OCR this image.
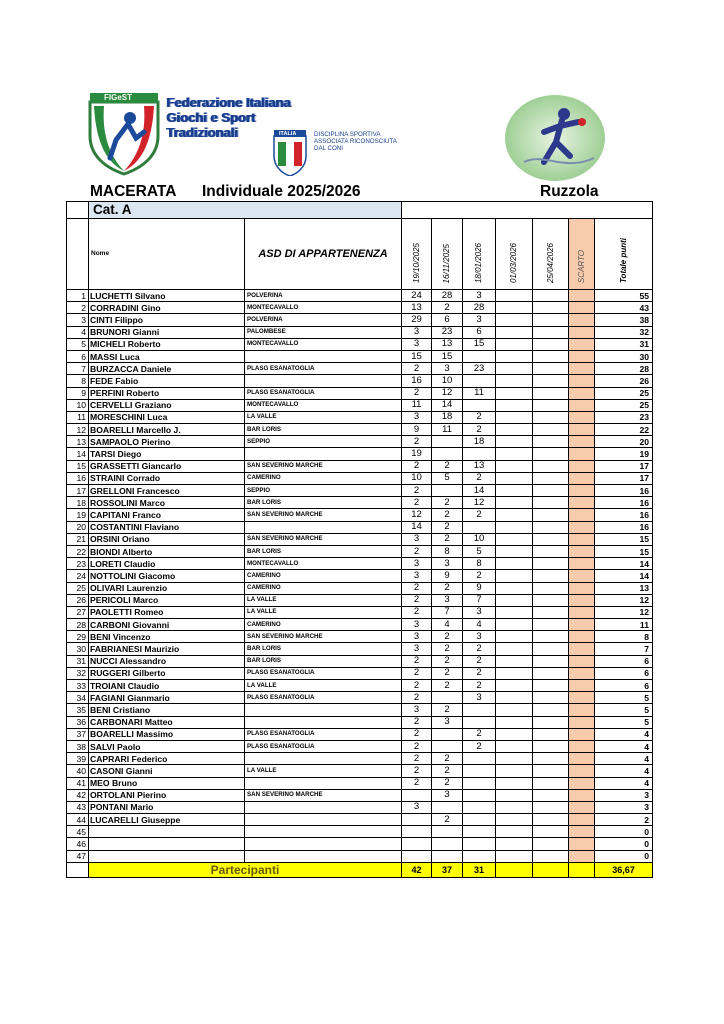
FIGeST	Federazione Italiana
Giochi e Sport
Tradizionali	ITALIA	DISCIPLINA SPORTIVA
ASSOCIATA RICONOSCIUTA
DAL CONI
MACERATA Individuale 2025/2026	Ruzzola
	Cat. A								
	Nome	ASD DI APPARTENENZA	19/10/2025	16/11/2025	18/01/2026	01/03/2026	25/04/2026	SCARTO	Totale punti
1	LUCHETTI Silvano	POLVERINA	24	28	3				55
2	CORRADINI Gino	MONTECAVALLO	13	2	28				43
3	CINTI Filippo	POLVERINA	29	6	3				38
4	BRUNORI Gianni	PALOMBESE	3	23	6				32
5	MICHELI Roberto	MONTECAVALLO	3	13	15				31
6	MASSI Luca		15	15					30
7	BURZACCA Daniele	PLASG ESANATOGLIA	2	3	23				28
8	FEDE Fabio		16	10					26
9	PERFINI Roberto	PLASG ESANATOGLIA	2	12	11				25
10	CERVELLI Graziano	MONTECAVALLO	11	14					25
11	MORESCHINI Luca	LA VALLE	3	18	2				23
12	BOARELLI Marcello J.	BAR LORIS	9	11	2				22
13	SAMPAOLO Pierino	SEPPIO	2		18				20
14	TARSI Diego		19						19
15	GRASSETTI Giancarlo	SAN SEVERINO MARCHE	2	2	13				17
16	STRAINI Corrado	CAMERINO	10	5	2				17
17	GRELLONI Francesco	SEPPIO	2		14				16
18	ROSSOLINI Marco	BAR LORIS	2	2	12				16
19	CAPITANI Franco	SAN SEVERINO MARCHE	12	2	2				16
20	COSTANTINI Flaviano		14	2					16
21	ORSINI Oriano	SAN SEVERINO MARCHE	3	2	10				15
22	BIONDI Alberto	BAR LORIS	2	8	5				15
23	LORETI Claudio	MONTECAVALLO	3	3	8				14
24	NOTTOLINI Giacomo	CAMERINO	3	9	2				14
25	OLIVARI Laurenzio	CAMERINO	2	2	9				13
26	PERICOLI Marco	LA VALLE	2	3	7				12
27	PAOLETTI Romeo	LA VALLE	2	7	3				12
28	CARBONI Giovanni	CAMERINO	3	4	4				11
29	BENI Vincenzo	SAN SEVERINO MARCHE	3	2	3				8
30	FABRIANESI Maurizio	BAR LORIS	3	2	2				7
31	NUCCI Alessandro	BAR LORIS	2	2	2				6
32	RUGGERI Gilberto	PLASG ESANATOGLIA	2	2	2				6
33	TROIANI Claudio	LA VALLE	2	2	2				6
34	FAGIANI Gianmario	PLASG ESANATOGLIA	2		3				5
35	BENI Cristiano		3	2					5
36	CARBONARI Matteo		2	3					5
37	BOARELLI Massimo	PLASG ESANATOGLIA	2		2				4
38	SALVI Paolo	PLASG ESANATOGLIA	2		2				4
39	CAPRARI Federico		2	2					4
40	CASONI Gianni	LA VALLE	2	2					4
41	MEO Bruno		2	2					4
42	ORTOLANI Pierino	SAN SEVERINO MARCHE		3					3
43	PONTANI Mario		3						3
44	LUCARELLI Giuseppe			2					2
45									0
46									0
47									0
	Partecipanti		42	37	31				36,67
